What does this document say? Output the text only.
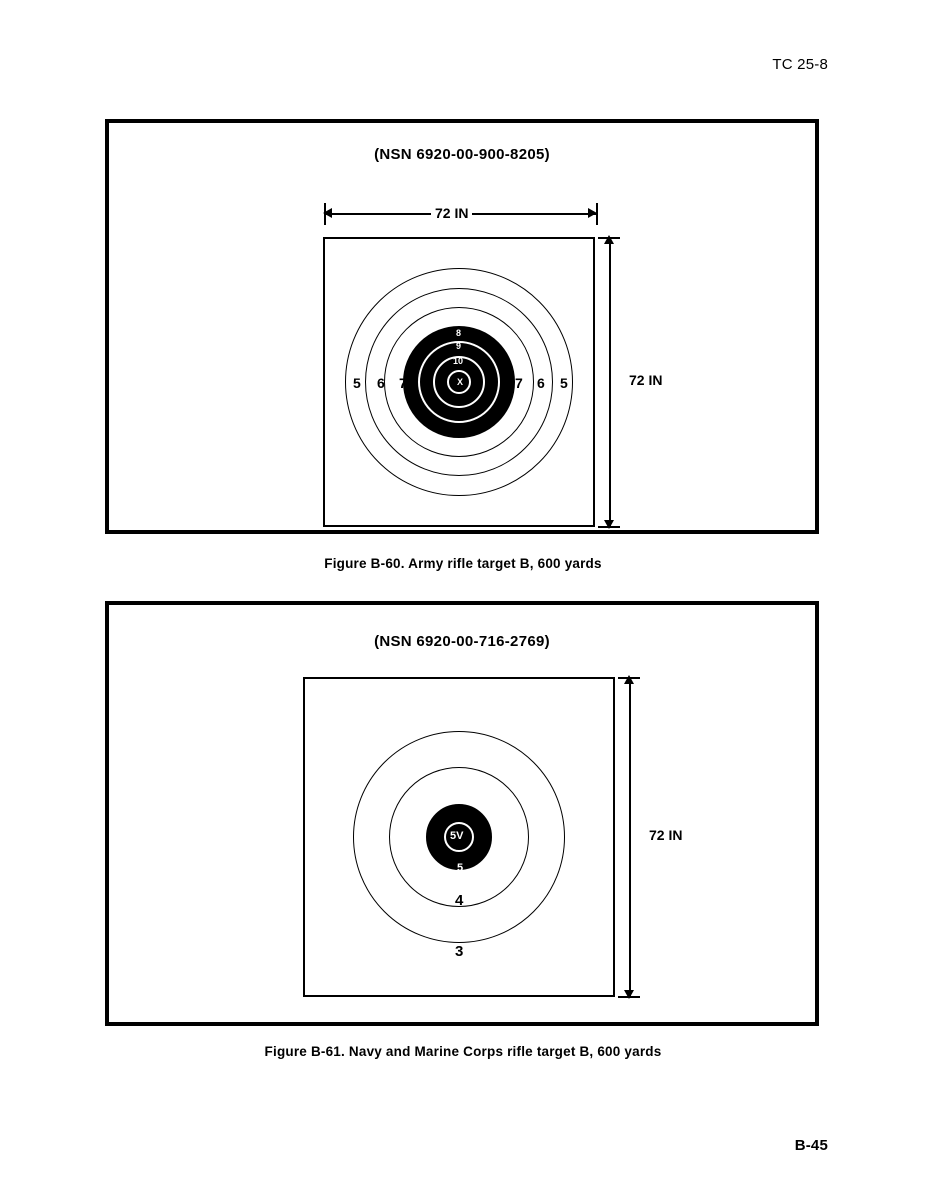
TC 25-8
(NSN 6920-00-900-8205)
72 IN
72 IN
5 6 7	7 6 5
8
9
10
X
Figure B-60. Army rifle target B, 600 yards
(NSN 6920-00-716-2769)
72 IN
5V
5
4
3
Figure B-61. Navy and Marine Corps rifle target B, 600 yards
B-45
